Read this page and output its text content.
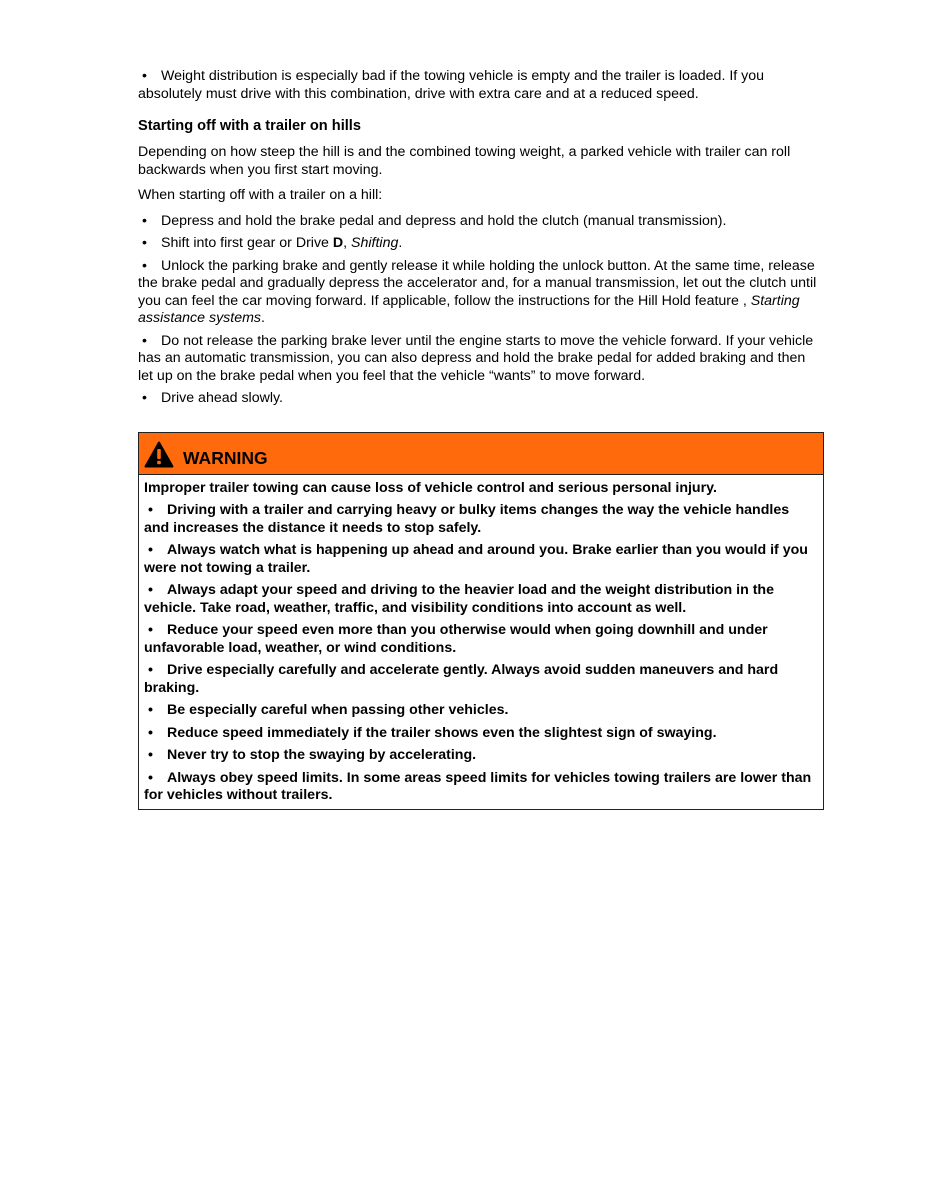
• Weight distribution is especially bad if the towing vehicle is empty and the trailer is loaded. If you absolutely must drive with this combination, drive with extra care and at a reduced speed.

Starting off with a trailer on hills

Depending on how steep the hill is and the combined towing weight, a parked vehicle with trailer can roll backwards when you first start moving.

When starting off with a trailer on a hill:

• Depress and hold the brake pedal and depress and hold the clutch (manual transmission).

• Shift into first gear or Drive D, Shifting.

• Unlock the parking brake and gently release it while holding the unlock button. At the same time, release the brake pedal and gradually depress the accelerator and, for a manual transmission, let out the clutch until you can feel the car moving forward. If applicable, follow the instructions for the Hill Hold feature , Starting assistance systems.

• Do not release the parking brake lever until the engine starts to move the vehicle forward. If your vehicle has an automatic transmission, you can also depress and hold the brake pedal for added braking and then let up on the brake pedal when you feel that the vehicle “wants” to move forward.

• Drive ahead slowly.

WARNING

Improper trailer towing can cause loss of vehicle control and serious personal injury.

• Driving with a trailer and carrying heavy or bulky items changes the way the vehicle handles and increases the distance it needs to stop safely.

• Always watch what is happening up ahead and around you. Brake earlier than you would if you were not towing a trailer.

• Always adapt your speed and driving to the heavier load and the weight distribution in the vehicle. Take road, weather, traffic, and visibility conditions into account as well.

• Reduce your speed even more than you otherwise would when going downhill and under unfavorable load, weather, or wind conditions.

• Drive especially carefully and accelerate gently. Always avoid sudden maneuvers and hard braking.

• Be especially careful when passing other vehicles.

• Reduce speed immediately if the trailer shows even the slightest sign of swaying.

• Never try to stop the swaying by accelerating.

• Always obey speed limits. In some areas speed limits for vehicles towing trailers are lower than for vehicles without trailers.
